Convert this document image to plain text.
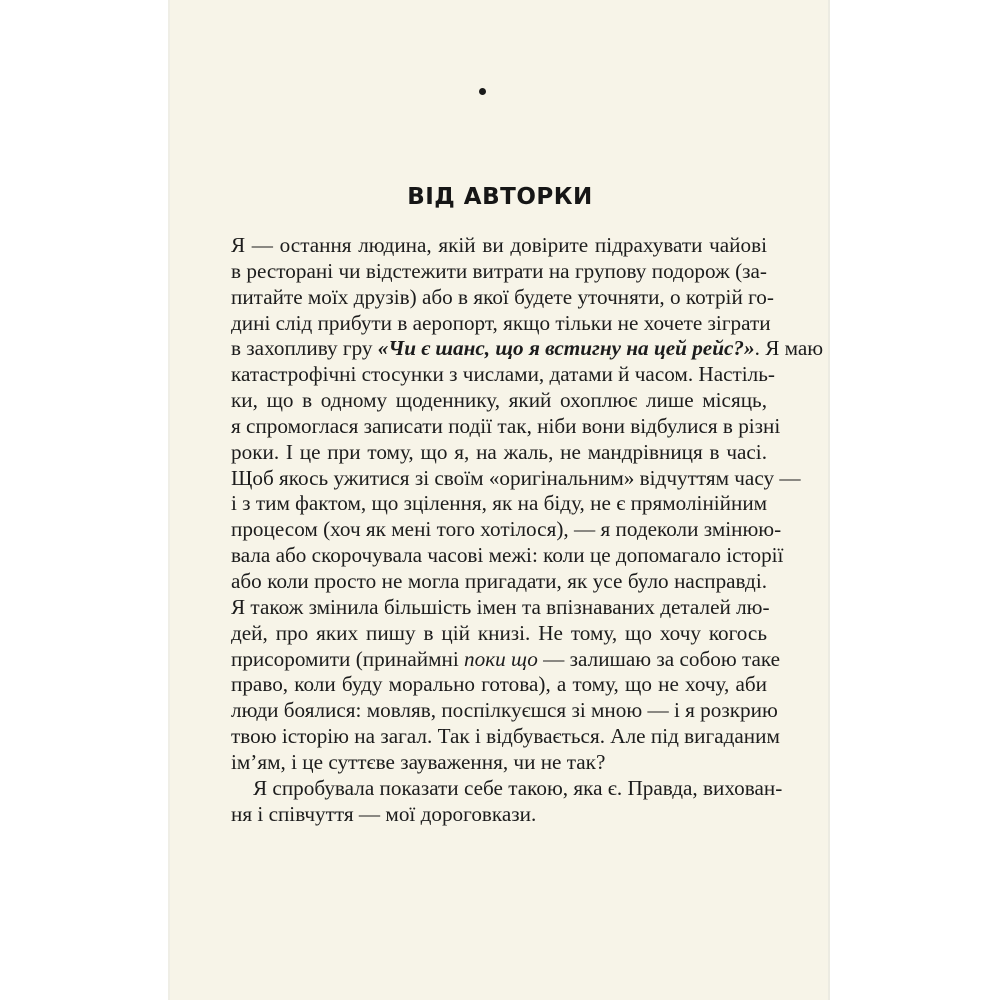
ВІД АВТОРКИ
Я — остання людина, якій ви довірите підрахувати чайові
в ресторані чи відстежити витрати на групову подорож (за-
питайте моїх друзів) або в якої будете уточняти, о котрій го-
дині слід прибути в аеропорт, якщо тільки не хочете зіграти
в захопливу гру «Чи є шанс, що я встигну на цей рейс?». Я маю
катастрофічні стосунки з числами, датами й часом. Настіль-
ки, що в одному щоденнику, який охоплює лише місяць,
я спромоглася записати події так, ніби вони відбулися в різні
роки. І це при тому, що я, на жаль, не мандрівниця в часі.
Щоб якось ужитися зі своїм «оригінальним» відчуттям часу —
і з тим фактом, що зцілення, як на біду, не є прямолінійним
процесом (хоч як мені того хотілося), — я подеколи змінюю-
вала або скорочувала часові межі: коли це допомагало історії
або коли просто не могла пригадати, як усе було насправді.
Я також змінила більшість імен та впізнаваних деталей лю-
дей, про яких пишу в цій книзі. Не тому, що хочу когось
присоромити (принаймні поки що — залишаю за собою таке
право, коли буду морально готова), а тому, що не хочу, аби
люди боялися: мовляв, поспілкуєшся зі мною — і я розкрию
твою історію на загал. Так і відбувається. Але під вигаданим
ім’ям, і це суттєве зауваження, чи не так?
Я спробувала показати себе такою, яка є. Правда, вихован-
ня і співчуття — мої дороговкази.
